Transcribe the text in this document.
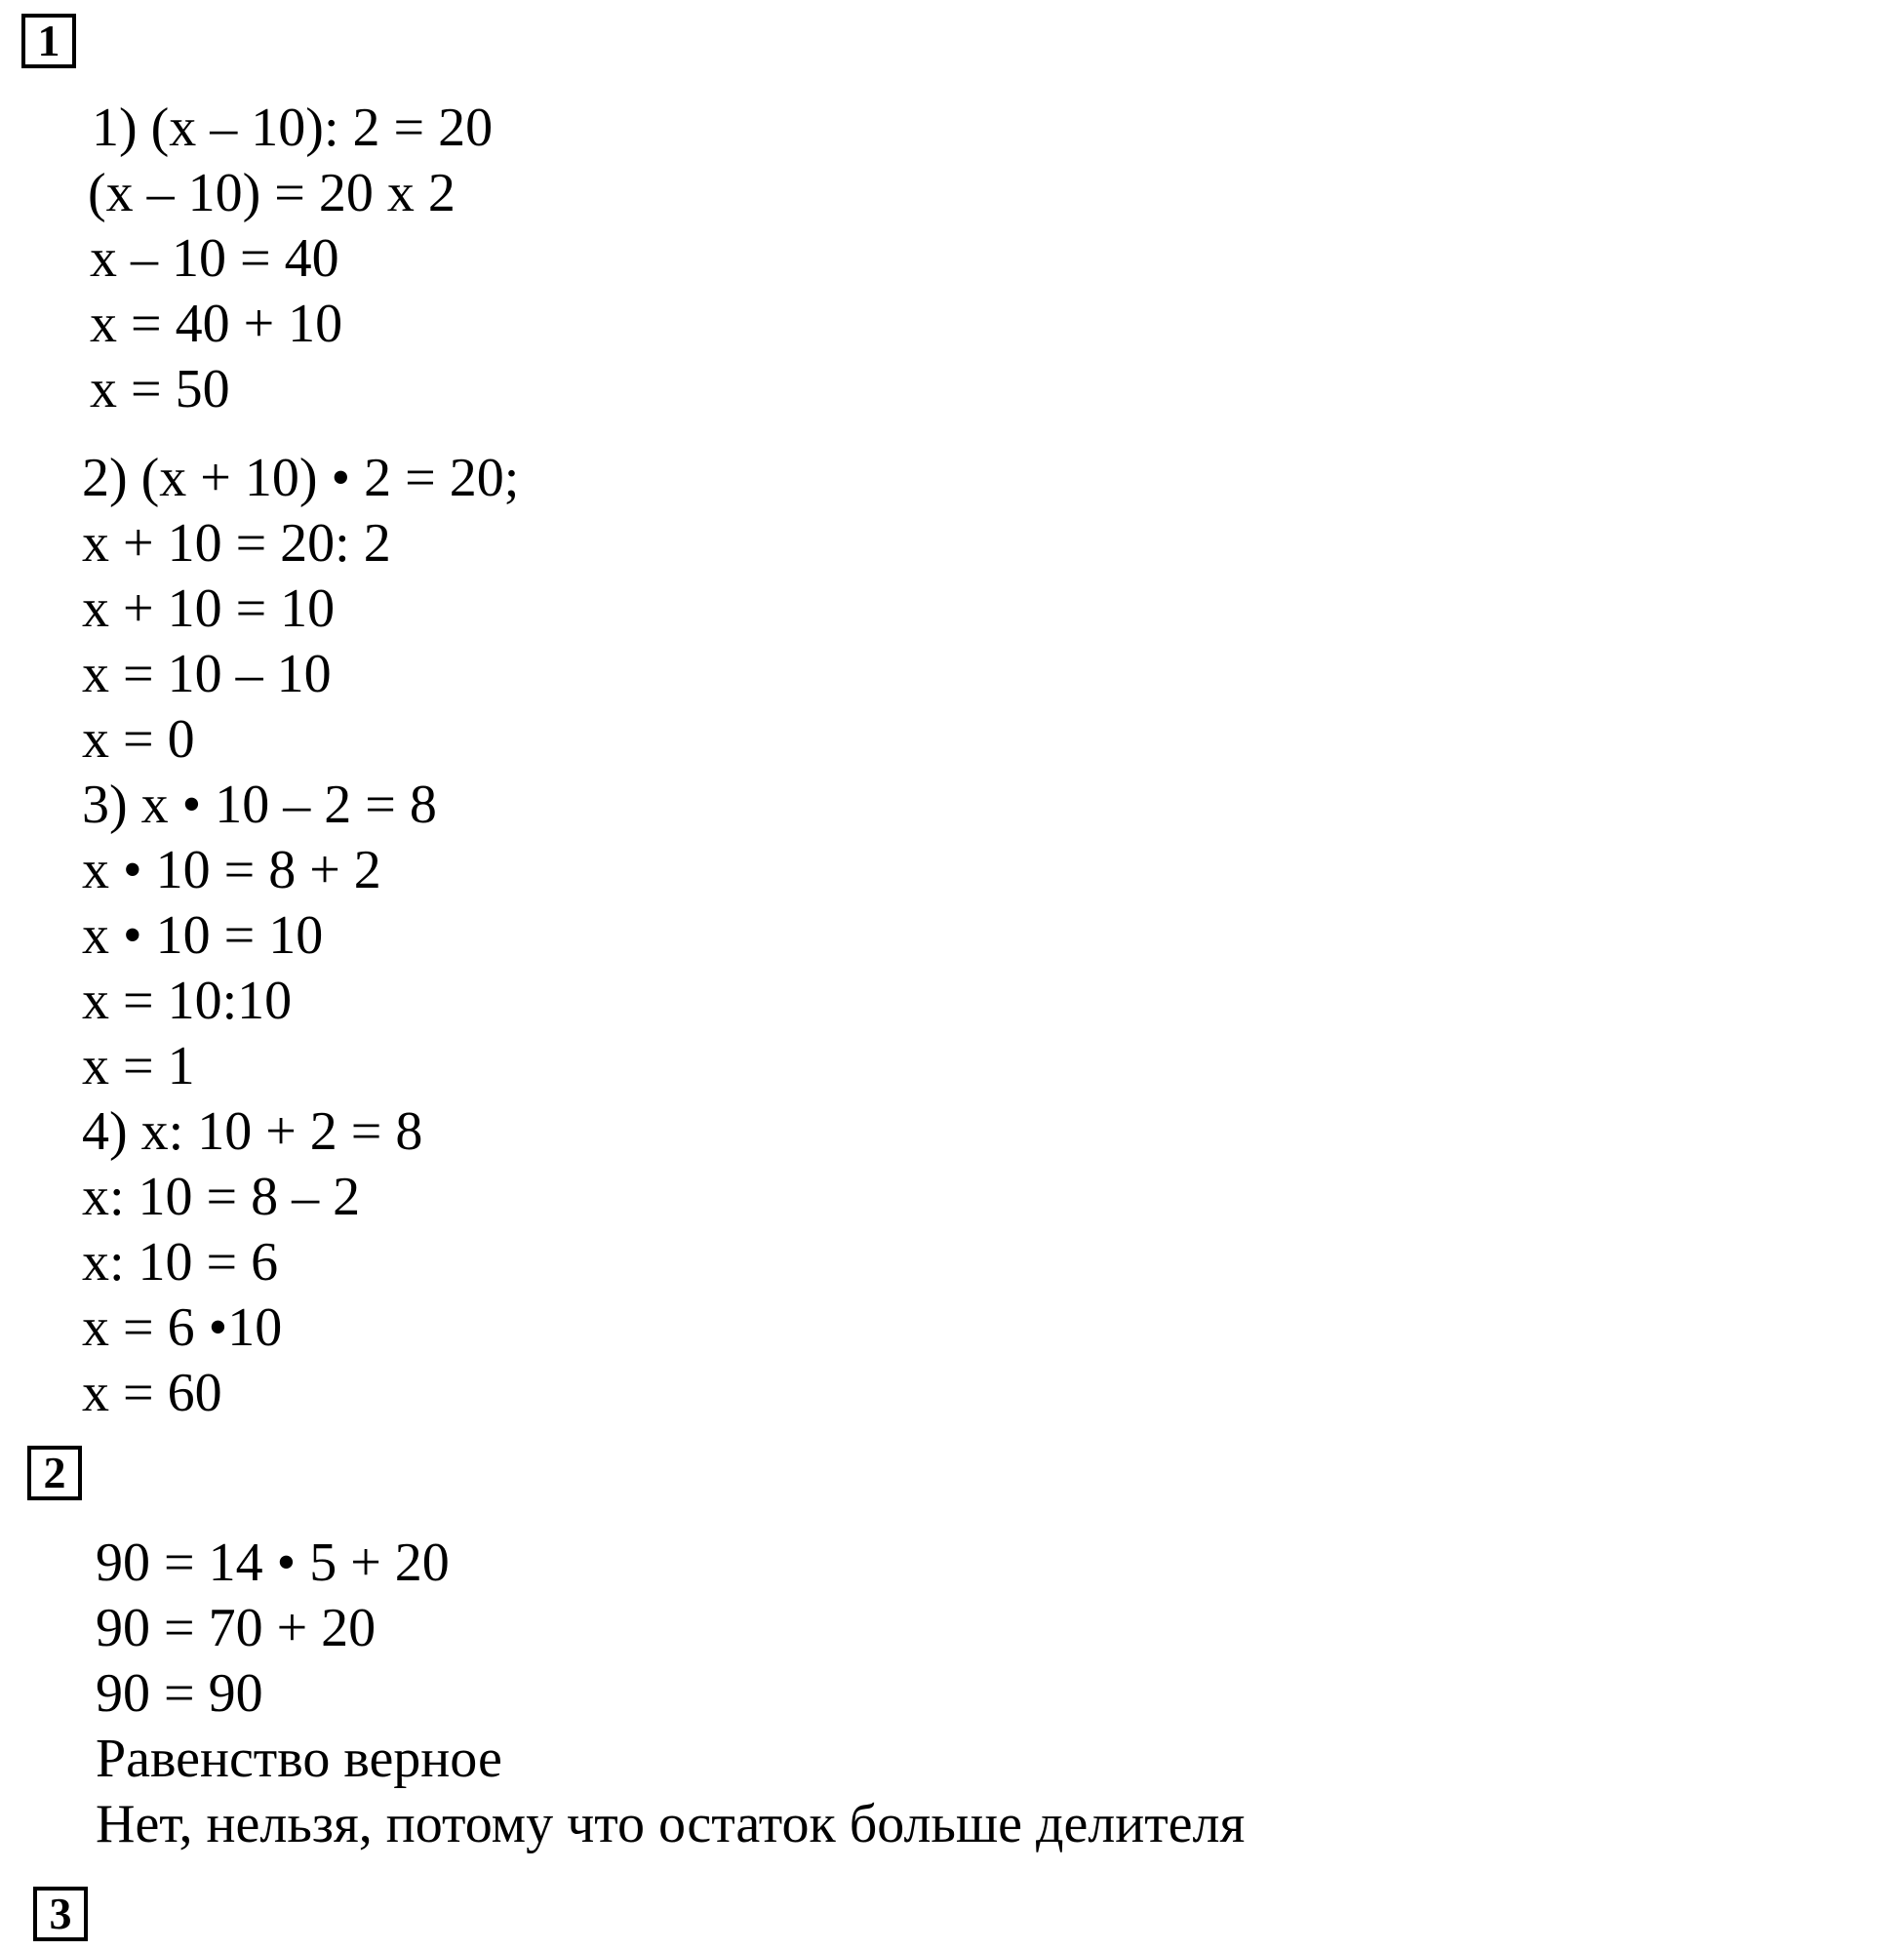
1
1) (x – 10): 2 = 20
(x – 10) = 20 x 2
x – 10 = 40
x = 40 + 10
x = 50
2) (x + 10) • 2 = 20;
x + 10 = 20: 2
x + 10 = 10
x = 10 – 10
x = 0
3) x • 10 – 2 = 8
x • 10 = 8 + 2
x • 10 = 10
x = 10:10
x = 1
4) x: 10 + 2 = 8
x: 10 = 8 – 2
x: 10 = 6
x = 6 •10
x = 60
2
90 = 14 • 5 + 20
90 = 70 + 20
90 = 90
Равенство верное
Нет, нельзя, потому что остаток больше делителя
3
